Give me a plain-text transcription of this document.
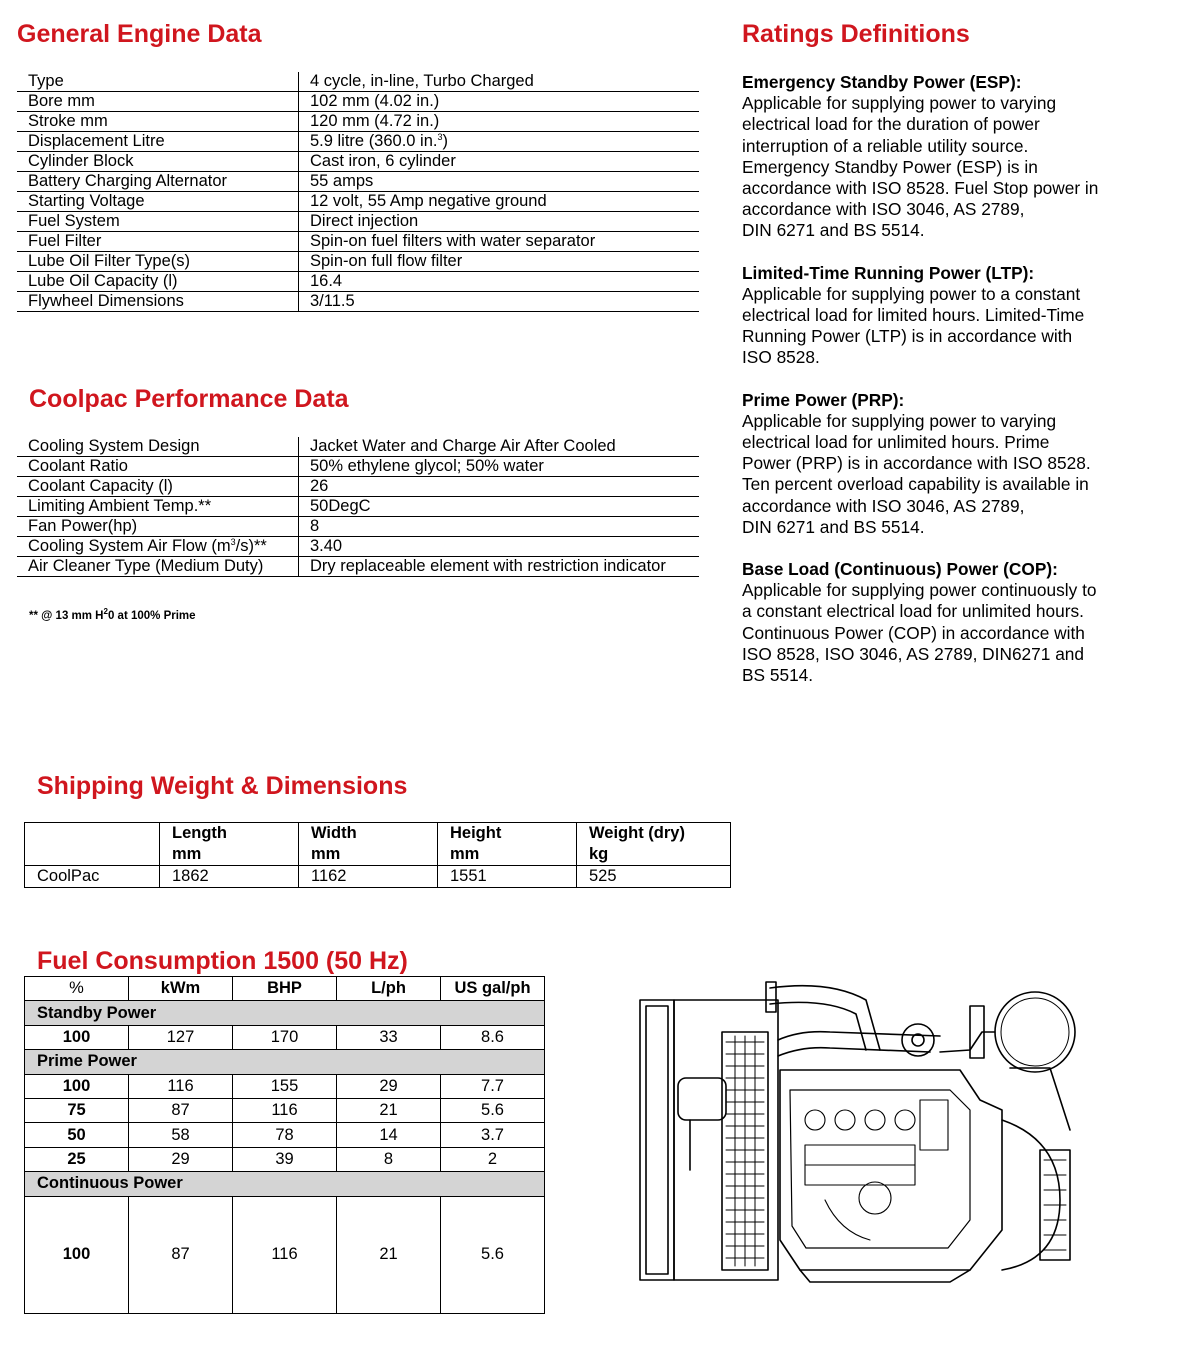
General Engine Data
Type	4 cycle, in-line, Turbo Charged
Bore mm	102 mm (4.02 in.)
Stroke mm	120 mm (4.72 in.)
Displacement Litre	5.9 litre (360.0 in.$^3$)
Cylinder Block	Cast iron, 6 cylinder
Battery Charging Alternator	55 amps
Starting Voltage	12 volt, 55 Amp negative ground
Fuel System	Direct injection
Fuel Filter	Spin-on fuel filters with water separator
Lube Oil Filter Type(s)	Spin-on full flow filter
Lube Oil Capacity (l)	16.4
Flywheel Dimensions	3/11.5
Coolpac Performance Data
Cooling System Design	Jacket Water and Charge Air After Cooled
Coolant Ratio	50% ethylene glycol; 50% water
Coolant Capacity (l)	26
Limiting Ambient Temp.**	50DegC
Fan Power(hp)	8
Cooling System Air Flow $(m^3/s)**$	3.40
Air Cleaner Type (Medium Duty)	Dry replaceable element with restriction indicator
** @ 13 mm $H^20$ at 100% Prime
Ratings Definitions
Emergency Standby Power (ESP):
Applicable for supplying power to varying
electrical load for the duration of power
interruption of a reliable utility source.
Emergency Standby Power (ESP) is in
accordance with ISO 8528. Fuel Stop power in
accordance with ISO 3046, AS 2789,
DIN 6271 and BS 5514.
Limited-Time Running Power (LTP):
Applicable for supplying power to a constant
electrical load for limited hours. Limited-Time
Running Power (LTP) is in accordance with
ISO 8528.
Prime Power (PRP):
Applicable for supplying power to varying
electrical load for unlimited hours. Prime
Power (PRP) is in accordance with ISO 8528.
Ten percent overload capability is available in
accordance with ISO 3046, AS 2789,
DIN 6271 and BS 5514.
Base Load (Continuous) Power (COP):
Applicable for supplying power continuously to
a constant electrical load for unlimited hours.
Continuous Power (COP) in accordance with
ISO 8528, ISO 3046, AS 2789, DIN6271 and
BS 5514.
Shipping Weight & Dimensions
	Length	Width	Height	Weight (dry)
	mm	mm	mm	kg
CoolPac	1862	1162	1551	525
Fuel Consumption 1500 (50 Hz)
%	kWm	BHP	L/ph	US gal/ph
Standby Power				
100	127	170	33	8.6
Prime Power				
100	116	155	29	7.7
75	87	116	21	5.6
50	58	78	14	3.7
25	29	39	8	2
Continuous Power				
100	87	116	21	5.6
